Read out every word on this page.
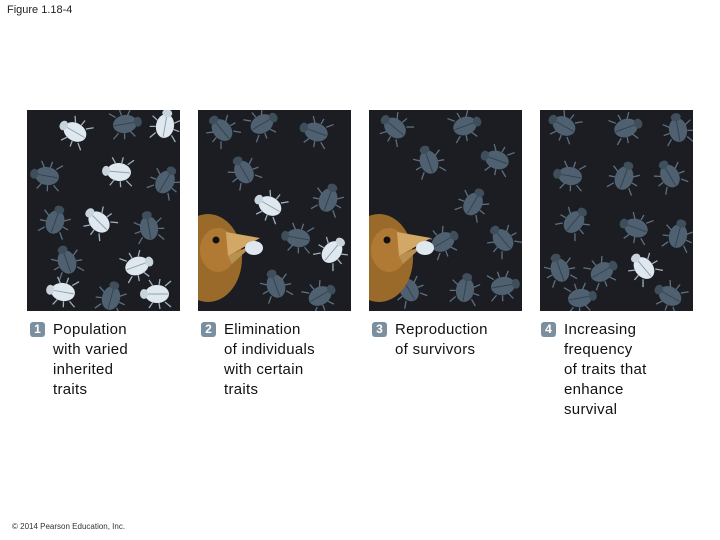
Figure 1.18-4
1 Population
with varied
inherited
traits
2 Elimination
of individuals
with certain
traits
3 Reproduction
of survivors
4 Increasing
frequency
of traits that
enhance
survival
© 2014 Pearson Education, Inc.
